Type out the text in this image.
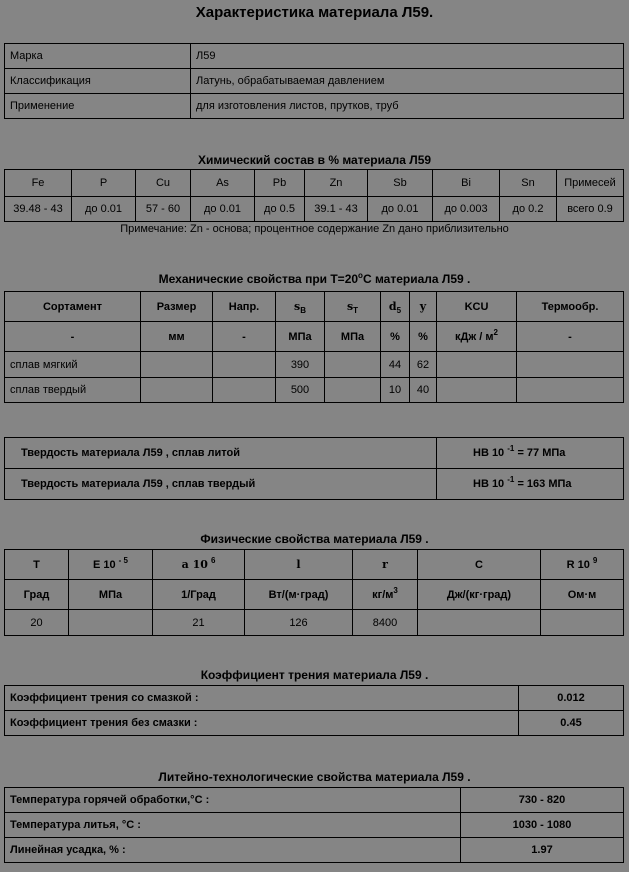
Характеристика материала Л59.
Марка	Л59
Классификация	Латунь, обрабатываемая давлением
Применение	для изготовления листов, прутков, труб
Химический состав в % материала Л59
Fe	P	Cu	As	Pb	Zn	Sb	Bi	Sn	Примесей
39.48 - 43	до 0.01	57 - 60	до 0.01	до 0.5	39.1 - 43	до 0.01	до 0.003	до 0.2	всего 0.9
Примечание: Zn - основа; процентное содержание Zn дано приблизительно
Механические свойства при $Т=20^oС$ материала Л59 .
Сортамент	Размер	Напр.	$s_B$	$s_T$	$d_5$	y	KCU	Термообр.
-	мм	-	МПа	МПа	%	%	кДж / $м^2$	-
сплав мягкий			390		44	62		
сплав твердый			500		10	40		
Твердость материала Л59 , сплав литой	HB 10 $^{-1}$ = 77 МПа
Твердость материала Л59 , сплав твердый	HB 10 $^{-1}$ = 163 МПа
Физические свойства материала Л59 .
T	E 10 $^{- 5}$	a 10 $^6$	l	r	C	R 10 $^9$
Град	МПа	1/Град	Вт/(м·град)	$кг/м^3$	Дж/(кг·град)	Ом·м
20		21	126	8400		
Коэффициент трения материала Л59 .
Коэффициент трения со смазкой :	0.012
Коэффициент трения без смазки :	0.45
Литейно-технологические свойства материала Л59 .
Температура горячей обработки,°C :	730 - 820
Температура литья, °C :	1030 - 1080
Линейная усадка, % :	1.97
